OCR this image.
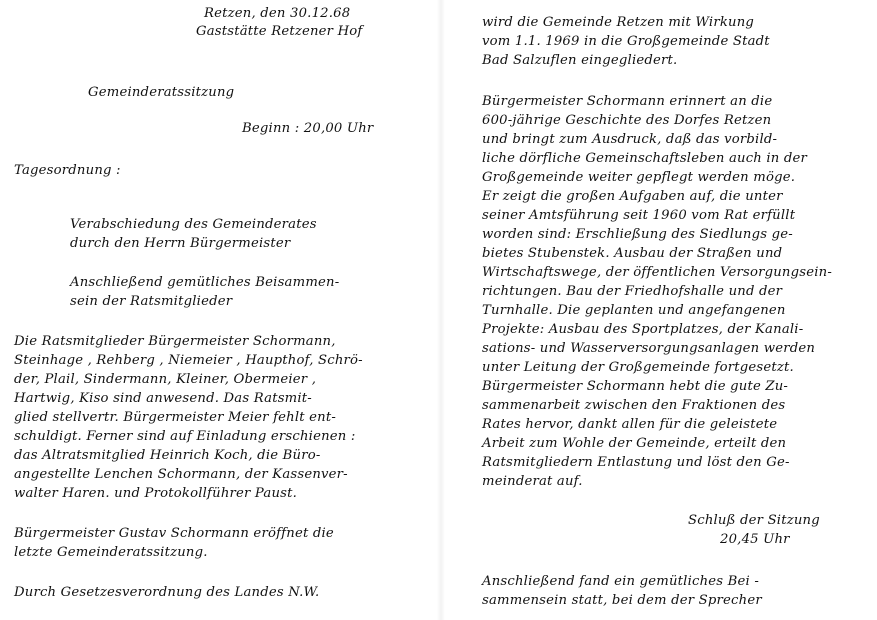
Retzen, den 30.12.68
Gaststätte Retzener Hof
Gemeinderatssitzung
Beginn : 20,00 Uhr
Tagesordnung :
Verabschiedung des Gemeinderates
durch den Herrn Bürgermeister
Anschließend gemütliches Beisammen-
sein der Ratsmitglieder
Die Ratsmitglieder Bürgermeister Schormann,
Steinhage , Rehberg , Niemeier , Haupthof, Schrö-
der, Plail, Sindermann, Kleiner, Obermeier ,
Hartwig, Kiso sind anwesend. Das Ratsmit-
glied stellvertr. Bürgermeister Meier fehlt ent-
schuldigt. Ferner sind auf Einladung erschienen :
das Altratsmitglied Heinrich Koch, die Büro-
angestellte Lenchen Schormann, der Kassenver-
walter Haren. und Protokollführer Paust.
Bürgermeister Gustav Schormann eröffnet die
letzte Gemeinderatssitzung.
Durch Gesetzesverordnung des Landes N.W.
wird die Gemeinde Retzen mit Wirkung
vom 1.1. 1969 in die Großgemeinde Stadt
Bad Salzuflen eingegliedert.
Bürgermeister Schormann erinnert an die
600-jährige Geschichte des Dorfes Retzen
und bringt zum Ausdruck, daß das vorbild-
liche dörfliche Gemeinschaftsleben auch in der
Großgemeinde weiter gepflegt werden möge.
Er zeigt die großen Aufgaben auf, die unter
seiner Amtsführung seit 1960 vom Rat erfüllt
worden sind: Erschließung des Siedlungs ge-
bietes Stubenstek. Ausbau der Straßen und
Wirtschaftswege, der öffentlichen Versorgungsein-
richtungen. Bau der Friedhofshalle und der
Turnhalle. Die geplanten und angefangenen
Projekte: Ausbau des Sportplatzes, der Kanali-
sations- und Wasserversorgungsanlagen werden
unter Leitung der Großgemeinde fortgesetzt.
Bürgermeister Schormann hebt die gute Zu-
sammenarbeit zwischen den Fraktionen des
Rates hervor, dankt allen für die geleistete
Arbeit zum Wohle der Gemeinde, erteilt den
Ratsmitgliedern Entlastung und löst den Ge-
meinderat auf.
Schluß der Sitzung
20,45 Uhr
Anschließend fand ein gemütliches Bei -
sammensein statt, bei dem der Sprecher
